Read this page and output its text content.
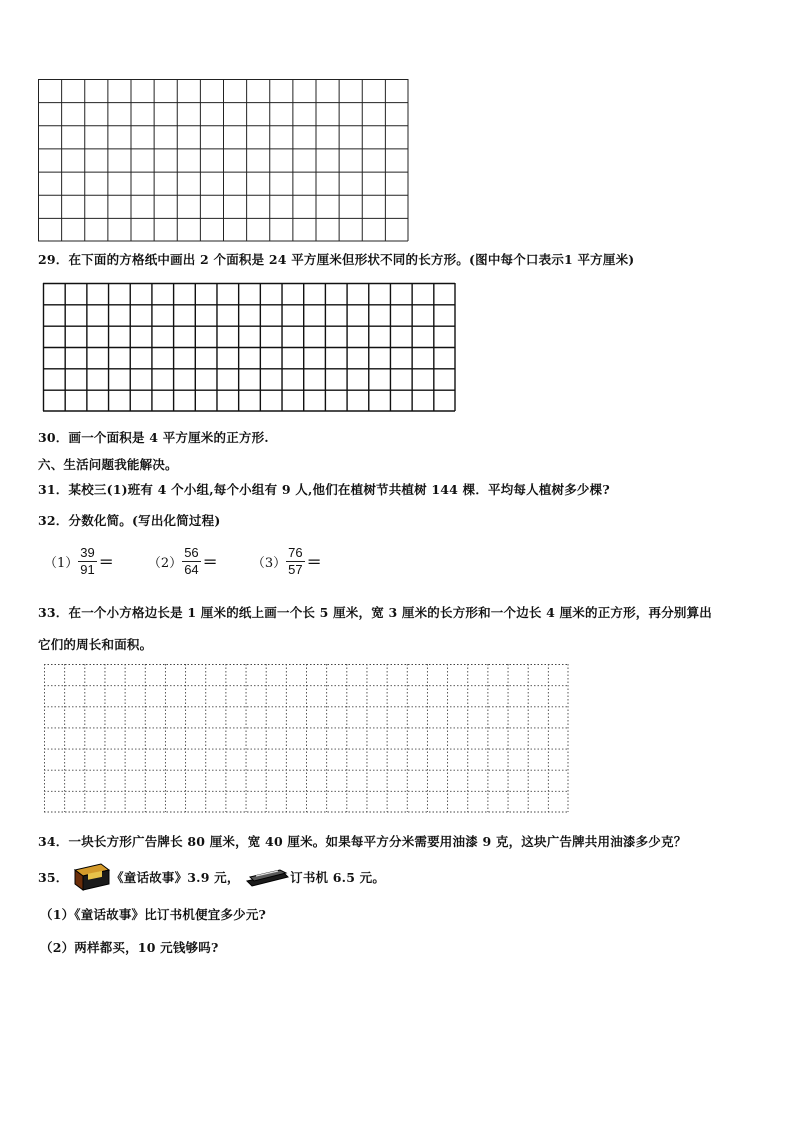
29．在下面的方格纸中画出 2 个面积是 24 平方厘米但形状不同的长方形。(图中每个口表示1 平方厘米)
30．画一个面积是 4 平方厘米的正方形.
六、生活问题我能解决。
31．某校三(1)班有 4 个小组,每个小组有 9 人,他们在植树节共植树 144 棵．平均每人植树多少棵?
32．分数化简。(写出化简过程)
$(1) \frac{39}{91}$ ＝	$(2) \frac{56}{64}$ ＝	$(3) \frac{76}{57}$ ＝
33．在一个小方格边长是 1 厘米的纸上画一个长 5 厘米，宽 3 厘米的长方形和一个边长 4 厘米的正方形，再分别算出
它们的周长和面积。
34．一块长方形广告牌长 80 厘米，宽 40 厘米。如果每平方分米需要用油漆 9 克，这块广告牌共用油漆多少克？
35．	《童话故事》3.9 元，	订书机 6.5 元。
（1）《童话故事》比订书机便宜多少元?
（2）两样都买，10 元钱够吗?
